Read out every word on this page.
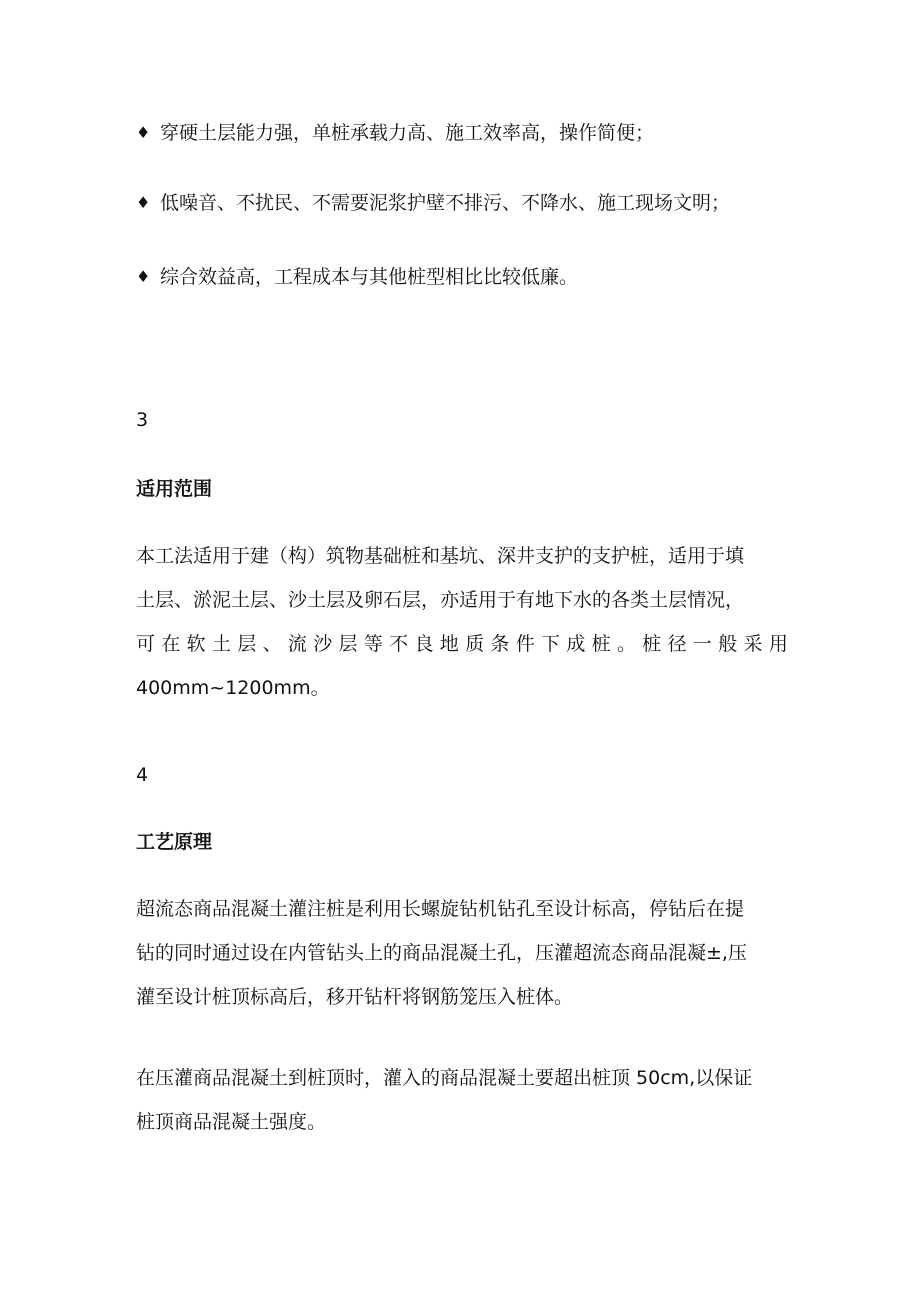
♦ 穿硬土层能力强，单桩承载力高、施工效率高，操作简便；
♦ 低噪音、不扰民、不需要泥浆护壁不排污、不降水、施工现场文明；
♦ 综合效益高，工程成本与其他桩型相比比较低廉。
3
适用范围
本工法适用于建（构）筑物基础桩和基坑、深井支护的支护桩，适用于填
土层、淤泥土层、沙土层及卵石层，亦适用于有地下水的各类土层情况，
可 在 软 土 层 、 流 沙 层 等 不 良 地 质 条 件 下 成 桩 。 桩 径 一 般 采 用
400mm~1200mm。
4
工艺原理
超流态商品混凝土灌注桩是利用长螺旋钻机钻孔至设计标高，停钻后在提
钻的同时通过设在内管钻头上的商品混凝土孔，压灌超流态商品混凝±,压
灌至设计桩顶标高后，移开钻杆将钢筋笼压入桩体。
在压灌商品混凝土到桩顶时，灌入的商品混凝土要超出桩顶 50cm,以保证
桩顶商品混凝土强度。
